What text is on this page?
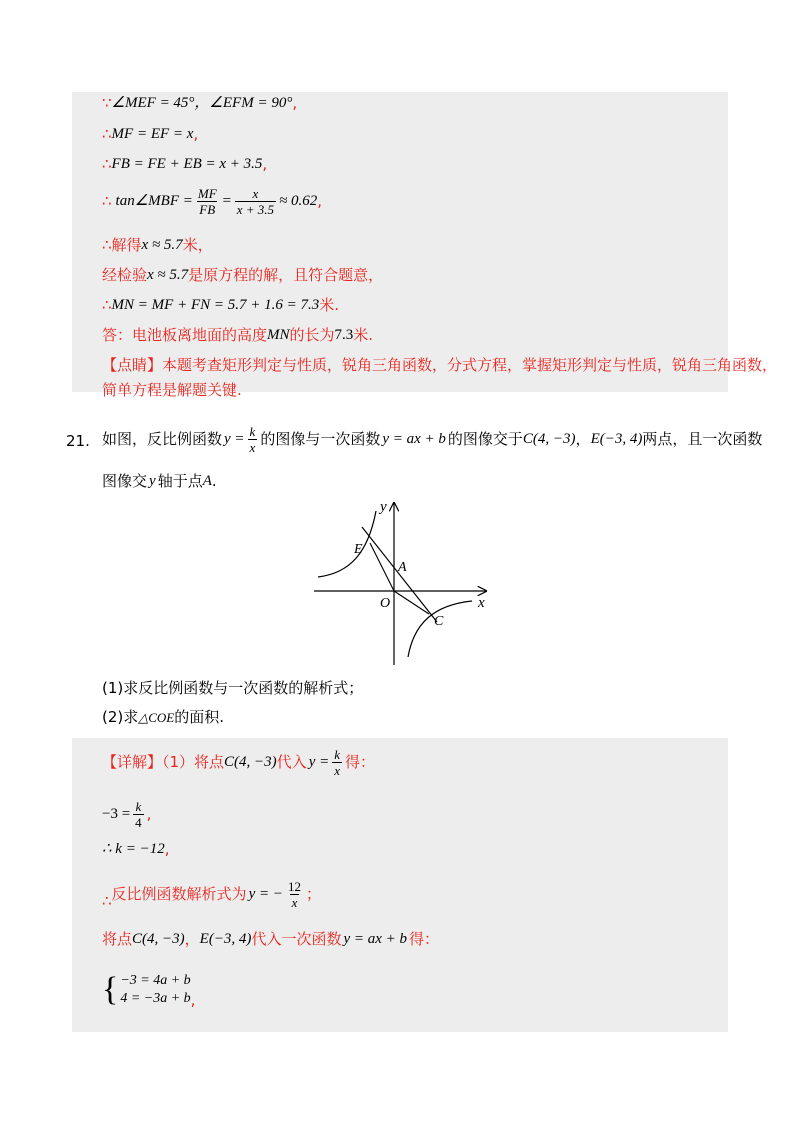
∵ ∠MEF = 45°，∠EFM = 90° ,
∴ MF = EF = x ,
∴ FB = FE + EB = x + 3.5 ,
∴ tan∠MBF = $\frac{MF}{FB} = \frac{x}{x + 3.5} \approx 0.62$ ,
∴解得 x ≈ 5.7 米，
经检验 x ≈ 5.7 是原方程的解，且符合题意，
∴ MN = MF + FN = 5.7 + 1.6 = 7.3 米.
答：电池板离地面的高度 MN 的长为 7.3 米.
【点睛】本题考查矩形判定与性质，锐角三角函数，分式方程，掌握矩形判定与性质，锐角三角函数，
简单方程是解题关键.
21. 如图，反比例函数 $y = \frac{k}{x}$ 的图像与一次函数 y = ax + b 的图像交于 C(4, −3) ， E(−3, 4) 两点，且一次函数
图像交 y 轴于点 A .
y
x
O
E
A
C
(1)求反比例函数与一次函数的解析式；
(2)求 △COE 的面积.
【详解】（1）将点 C(4, −3) 代入 $y = \frac{k}{x}$ 得：
$-3 = \frac{k}{4}$ ,
∴ k = −12 ,
∴ 反比例函数解析式为 y = − $\frac{12}{x}$ ；
将点 C(4, −3) ， E(−3, 4) 代入一次函数 y = ax + b 得：
{ −3 = 4a + b
4 = −3a + b ,
